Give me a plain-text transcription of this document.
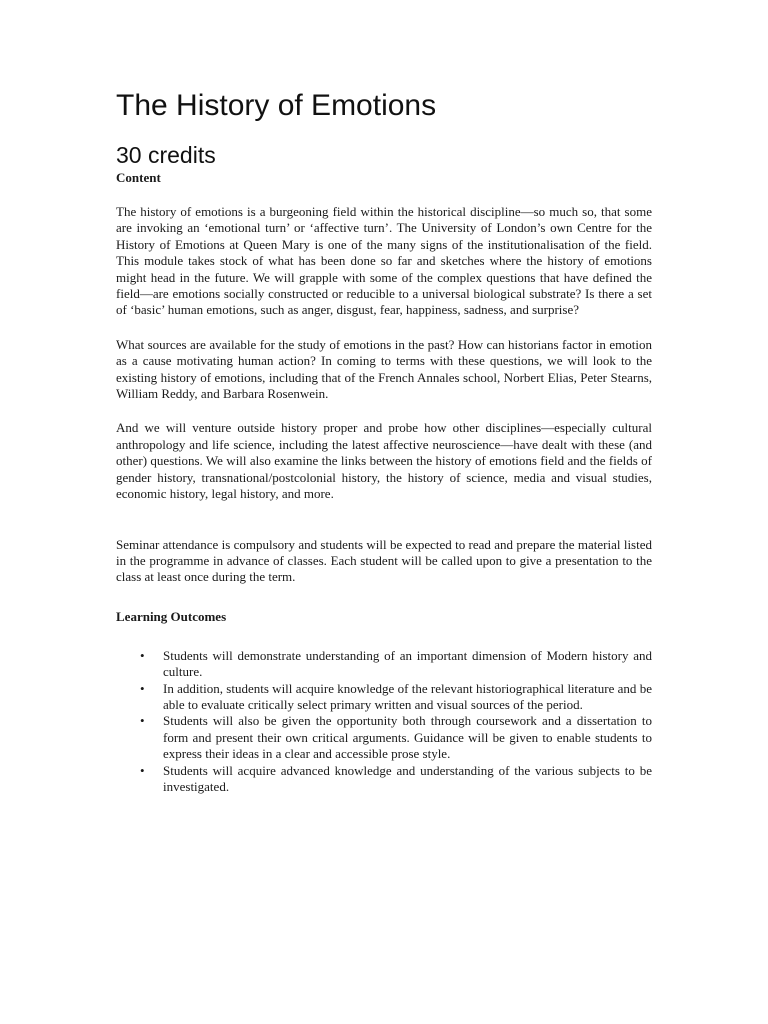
The History of Emotions
30 credits

Content

The history of emotions is a burgeoning field within the historical discipline—so much so, that some are invoking an ‘emotional turn’ or ‘affective turn’. The University of London’s own Centre for the History of Emotions at Queen Mary is one of the many signs of the institutionalisation of the field. This module takes stock of what has been done so far and sketches where the history of emotions might head in the future. We will grapple with some of the complex questions that have defined the field—are emotions socially constructed or reducible to a universal biological substrate? Is there a set of ‘basic’ human emotions, such as anger, disgust, fear, happiness, sadness, and surprise?

What sources are available for the study of emotions in the past? How can historians factor in emotion as a cause motivating human action? In coming to terms with these questions, we will look to the existing history of emotions, including that of the French Annales school, Norbert Elias, Peter Stearns, William Reddy, and Barbara Rosenwein.

And we will venture outside history proper and probe how other disciplines—especially cultural anthropology and life science, including the latest affective neuroscience—have dealt with these (and other) questions. We will also examine the links between the history of emotions field and the fields of gender history, transnational/postcolonial history, the history of science, media and visual studies, economic history, legal history, and more.

Seminar attendance is compulsory and students will be expected to read and prepare the material listed in the programme in advance of classes. Each student will be called upon to give a presentation to the class at least once during the term.

Learning Outcomes

• Students will demonstrate understanding of an important dimension of Modern history and culture.
• In addition, students will acquire knowledge of the relevant historiographical literature and be able to evaluate critically select primary written and visual sources of the period.
• Students will also be given the opportunity both through coursework and a dissertation to form and present their own critical arguments. Guidance will be given to enable students to express their ideas in a clear and accessible prose style.
• Students will acquire advanced knowledge and understanding of the various subjects to be investigated.
